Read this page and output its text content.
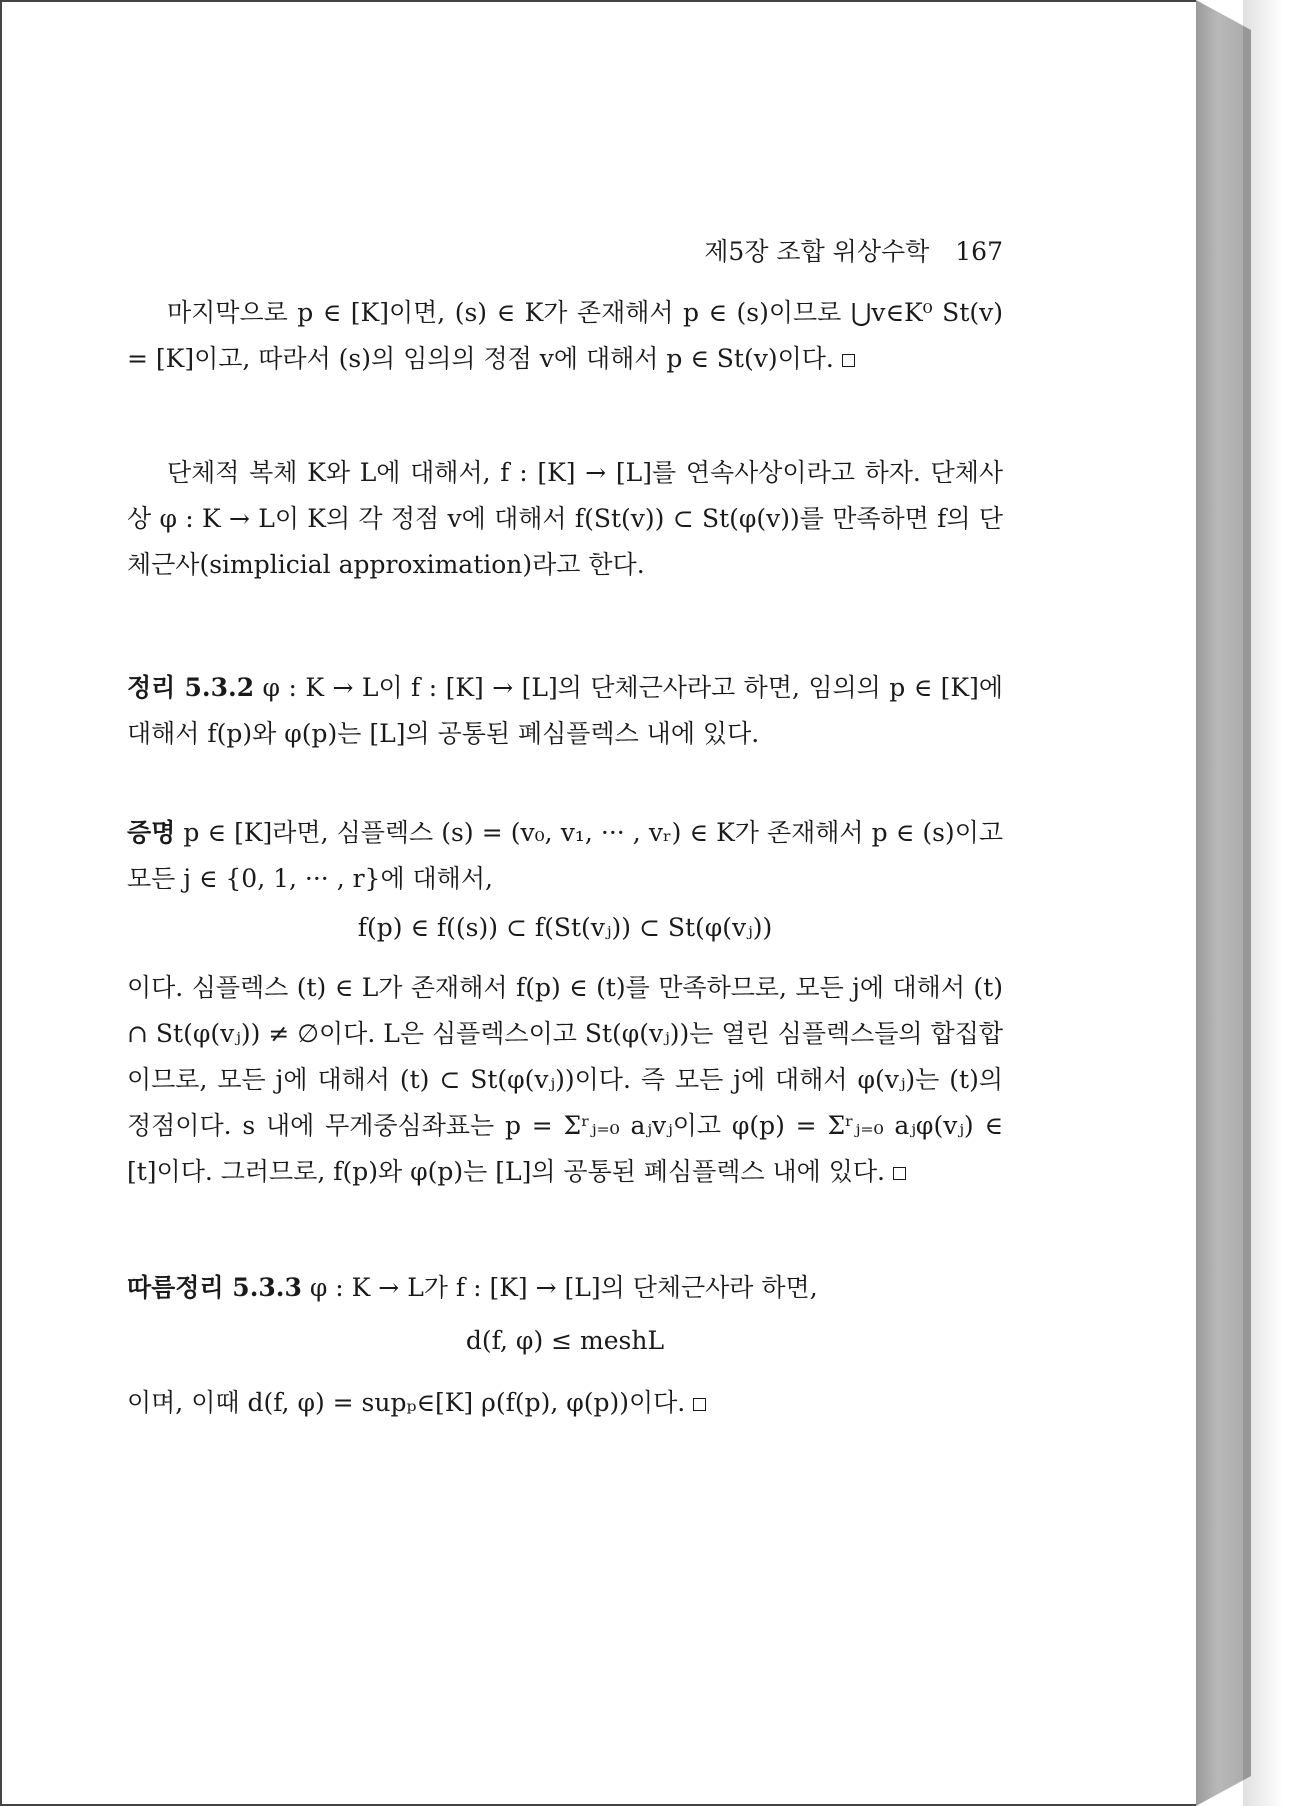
제5장 조합 위상수학 167

마지막으로 p ∈ [K]이면, (s) ∈ K가 존재해서 p ∈ (s)이므로 ⋃v∈K⁰ St(v) = [K]이고, 따라서 (s)의 임의의 정점 v에 대해서 p ∈ St(v)이다.

단체적 복체 K와 L에 대해서, f : [K] → [L]를 연속사상이라고 하자. 단체사상 φ : K → L이 K의 각 정점 v에 대해서 f(St(v)) ⊂ St(φ(v))를 만족하면 f의 단체근사(simplicial approximation)라고 한다.

정리 5.3.2 φ : K → L이 f : [K] → [L]의 단체근사라고 하면, 임의의 p ∈ [K]에 대해서 f(p)와 φ(p)는 [L]의 공통된 폐심플렉스 내에 있다.

증명 p ∈ [K]라면, 심플렉스 (s) = (v₀, v₁, ··· , vᵣ) ∈ K가 존재해서 p ∈ (s)이고 모든 j ∈ {0, 1, ··· , r}에 대해서,

f(p) ∈ f((s)) ⊂ f(St(vⱼ)) ⊂ St(φ(vⱼ))

이다. 심플렉스 (t) ∈ L가 존재해서 f(p) ∈ (t)를 만족하므로, 모든 j에 대해서 (t) ∩ St(φ(vⱼ)) ≠ ∅이다. L은 심플렉스이고 St(φ(vⱼ))는 열린 심플렉스들의 합집합이므로, 모든 j에 대해서 (t) ⊂ St(φ(vⱼ))이다. 즉 모든 j에 대해서 φ(vⱼ)는 (t)의 정점이다. s 내에 무게중심좌표는 p = Σʳⱼ₌₀ aⱼvⱼ이고 φ(p) = Σʳⱼ₌₀ aⱼφ(vⱼ) ∈ [t]이다. 그러므로, f(p)와 φ(p)는 [L]의 공통된 폐심플렉스 내에 있다.

따름정리 5.3.3 φ : K → L가 f : [K] → [L]의 단체근사라 하면,

d(f, φ) ≤ meshL

이며, 이때 d(f, φ) = supₚ∈[K] ρ(f(p), φ(p))이다.
